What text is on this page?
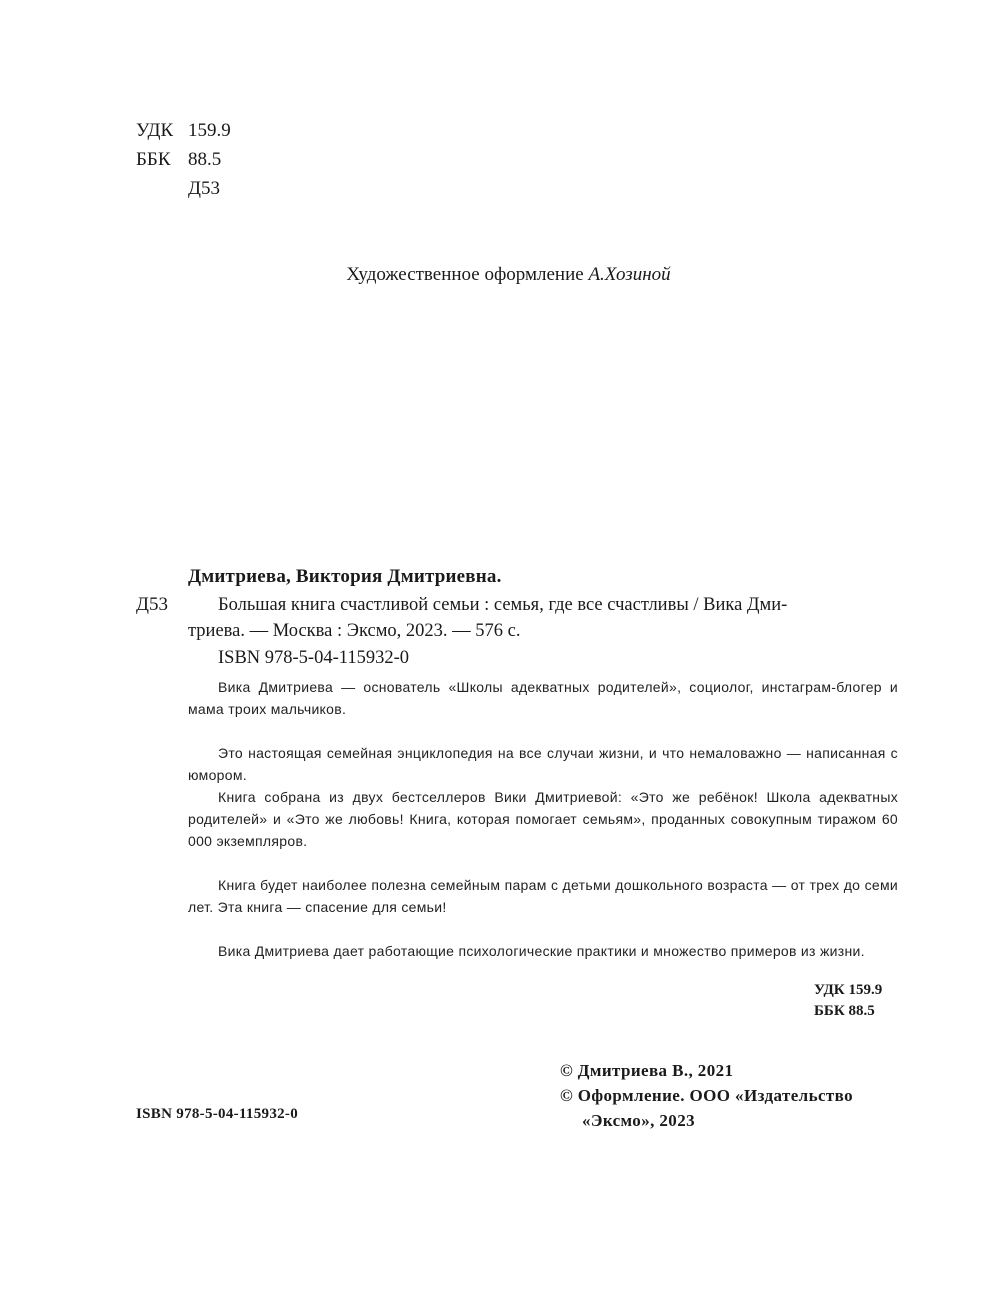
УДК 159.9
ББК 88.5
Д53
Художественное оформление А.Хозиной
Дмитриева, Виктория Дмитриевна.
Д53	Большая книга счастливой семьи : семья, где все счастливы / Вика Дми-
триева. — Москва : Эксмо, 2023. — 576 с.
ISBN 978-5-04-115932-0

Вика Дмитриева — основатель «Школы адекватных родителей», социолог, инстаграм-блогер и мама троих мальчиков.

Это настоящая семейная энциклопедия на все случаи жизни, и что немаловажно — написанная с юмором.

Книга собрана из двух бестселлеров Вики Дмитриевой: «Это же ребёнок! Школа адекватных родителей» и «Это же любовь! Книга, которая помогает семьям», проданных совокупным тиражом 60 000 экземпляров.

Книга будет наиболее полезна семейным парам с детьми дошкольного возраста — от трех до семи лет. Эта книга — спасение для семьи!

Вика Дмитриева дает работающие психологические практики и множество примеров из жизни.

УДК 159.9
ББК 88.5
© Дмитриева В., 2021
© Оформление. ООО «Издательство
«Эксмо», 2023
ISBN 978-5-04-115932-0
